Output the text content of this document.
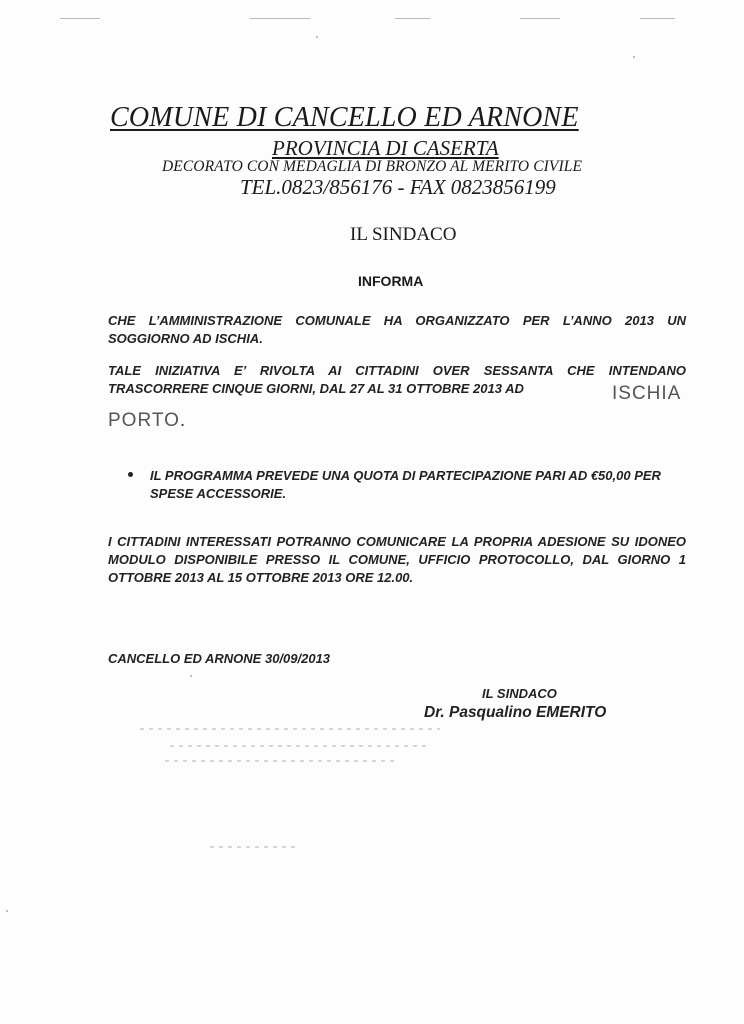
COMUNE DI CANCELLO ED ARNONE
PROVINCIA DI CASERTA
DECORATO CON MEDAGLIA DI BRONZO AL MERITO CIVILE
TEL.0823/856176 - FAX 0823856199
IL SINDACO
INFORMA
CHE L’AMMINISTRAZIONE COMUNALE HA ORGANIZZATO PER L’ANNO 2013 UN SOGGIORNO AD ISCHIA.
TALE INIZIATIVA E’ RIVOLTA AI CITTADINI OVER SESSANTA CHE INTENDANO
TRASCORRERE CINQUE GIORNI, DAL 27 AL 31 OTTOBRE 2013 AD	ISCHIA
PORTO.
IL PROGRAMMA PREVEDE UNA QUOTA DI PARTECIPAZIONE PARI AD €50,00 PER SPESE ACCESSORIE.
I CITTADINI INTERESSATI POTRANNO COMUNICARE LA PROPRIA ADESIONE SU IDONEO MODULO DISPONIBILE PRESSO IL COMUNE, UFFICIO PROTOCOLLO, DAL GIORNO 1 OTTOBRE 2013 AL 15 OTTOBRE 2013 ORE 12.00.
CANCELLO ED ARNONE 30/09/2013
IL SINDACO
Dr. Pasqualino EMERITO
